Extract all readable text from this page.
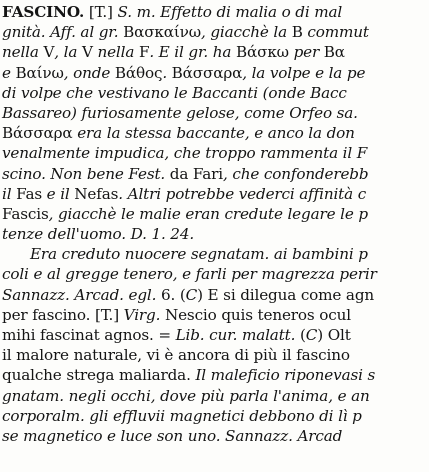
FASCINO. [T.] S. m. Effetto di malia o di mal
gnità. Aff. al gr. Βασκαίνω, giacchè la B commut
nella V, la V nella F. E il gr. ha Βάσκω per Βα
e Βαίνω, onde Βάθος. Βάσσαρα, la volpe e la pe
di volpe che vestivano le Baccanti (onde Bacc
Bassareo) furiosamente gelose, come Orfeo sa.
Βάσσαρα era la stessa baccante, e anco la don
venalmente impudica, che troppo rammenta il F
scino. Non bene Fest. da Fari, che confonderebb
il Fas e il Nefas. Altri potrebbe vederci affinità c
Fascis, giacchè le malie eran credute legare le p
tenze dell'uomo. D. 1. 24.
Era creduto nuocere segnatam. ai bambini p
coli e al gregge tenero, e farli per magrezza perir
Sannazz. Arcad. egl. 6. (C) E si dilegua come agn
per fascino. [T.] Virg. Nescio quis teneros ocul
mihi fascinat agnos. = Lib. cur. malatt. (C) Olt
il malore naturale, vi è ancora di più il fascino
qualche strega maliarda. Il maleficio riponevasi s
gnatam. negli occhi, dove più parla l'anima, e an
corporalm. gli effluvii magnetici debbono di lì p
se magnetico e luce son uno. Sannazz. Arcad
